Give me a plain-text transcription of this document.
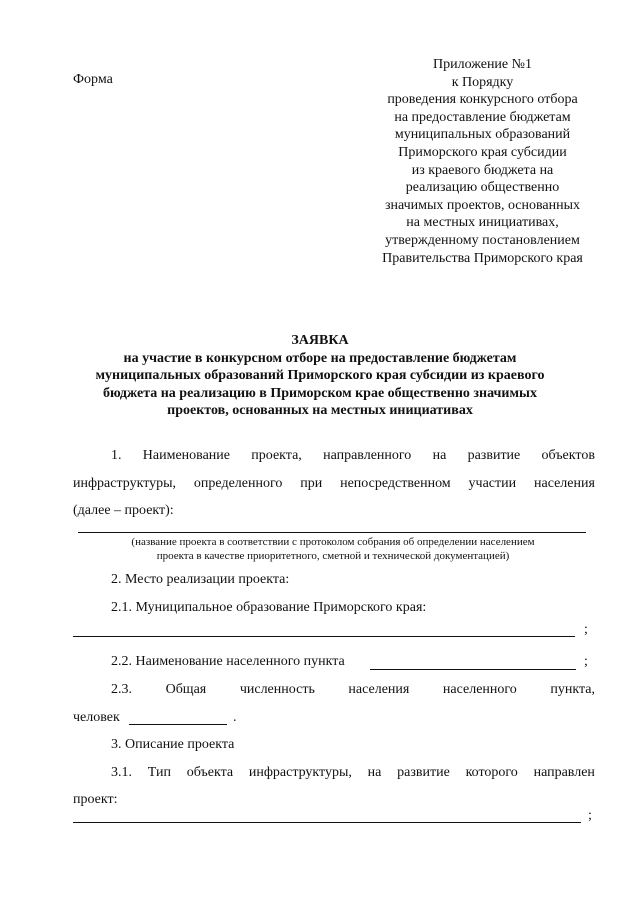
Форма
Приложение №1
к Порядку
проведения конкурсного отбора
на предоставление бюджетам
муниципальных образований
Приморского края субсидии
из краевого бюджета на
реализацию общественно
значимых проектов, основанных
на местных инициативах,
утвержденному постановлением
Правительства Приморского края
ЗАЯВКА
на участие в конкурсном отборе на предоставление бюджетам
муниципальных образований Приморского края субсидии из краевого
бюджета на реализацию в Приморском крае общественно значимых
проектов, основанных на местных инициативах
1. Наименование проекта, направленного на развитие объектов
инфраструктуры, определенного при непосредственном участии населения
(далее – проект):
(название проекта в соответствии с протоколом собрания об определении населением
проекта в качестве приоритетного, сметной и технической документацией)
2. Место реализации проекта:
2.1. Муниципальное образование Приморского края:
;
2.2. Наименование населенного пункта	;
2.3. Общая численность населения населенного пункта,
человек	.
3. Описание проекта
3.1. Тип объекта инфраструктуры, на развитие которого направлен
проект:
;
